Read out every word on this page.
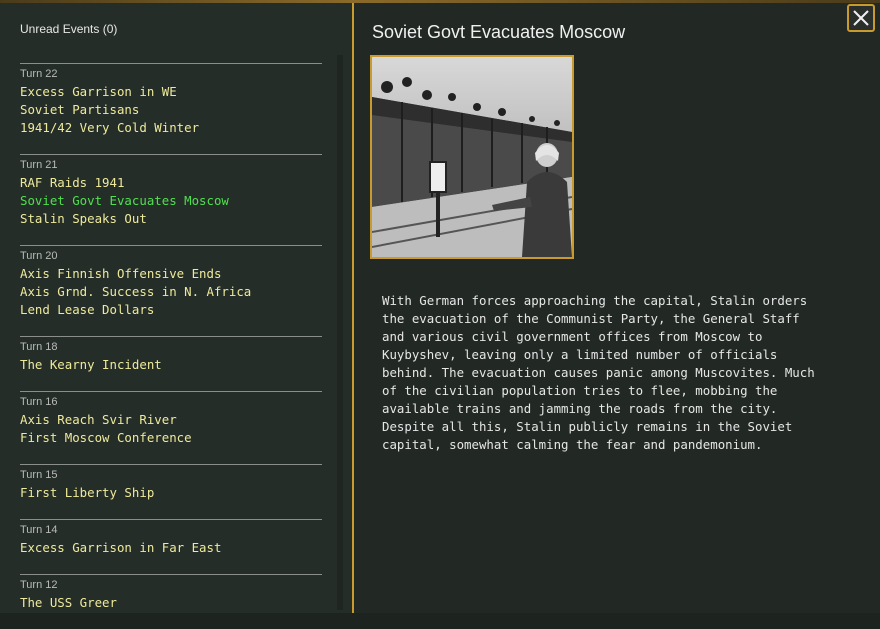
Unread Events (0)
Turn 22
Excess Garrison in WE
Soviet Partisans
1941/42 Very Cold Winter
Turn 21
RAF Raids 1941
Soviet Govt Evacuates Moscow
Stalin Speaks Out
Turn 20
Axis Finnish Offensive Ends
Axis Grnd. Success in N. Africa
Lend Lease Dollars
Turn 18
The Kearny Incident
Turn 16
Axis Reach Svir River
First Moscow Conference
Turn 15
First Liberty Ship
Turn 14
Excess Garrison in Far East
Turn 12
The USS Greer
Soviet Govt Evacuates Moscow
With German forces approaching the capital, Stalin orders
the evacuation of the Communist Party, the General Staff
and various civil government offices from Moscow to
Kuybyshev, leaving only a limited number of officials
behind. The evacuation causes panic among Muscovites. Much
of the civilian population tries to flee, mobbing the
available trains and jamming the roads from the city.
Despite all this, Stalin publicly remains in the Soviet
capital, somewhat calming the fear and pandemonium.
